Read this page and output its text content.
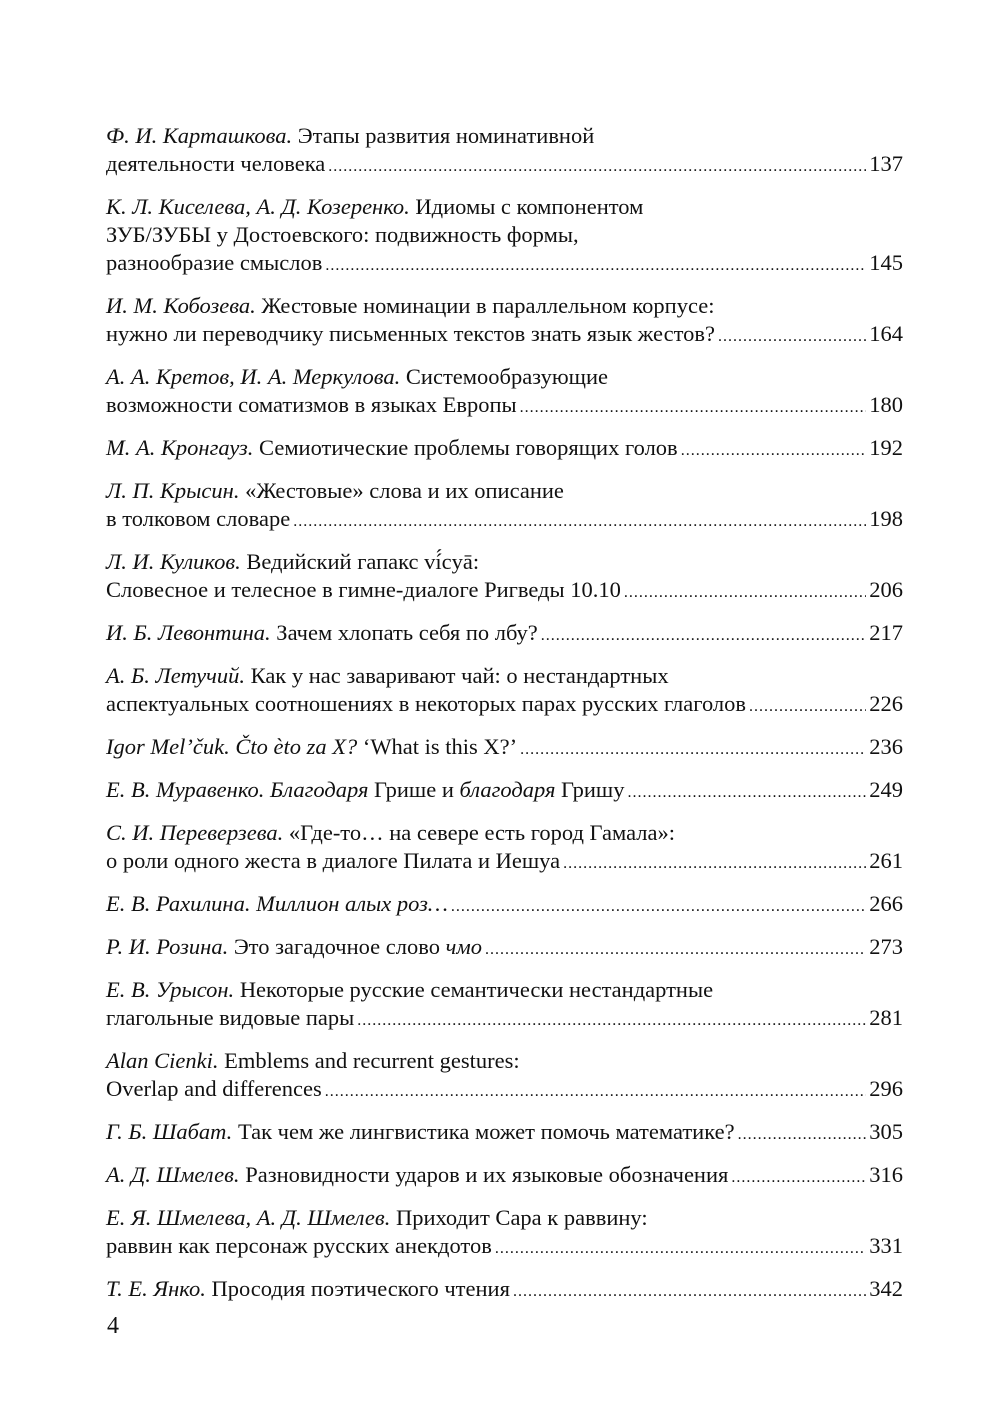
Ф. И. Карташкова. Этапы развития номинативной
деятельности человека .....	137
К. Л. Киселева, А. Д. Козеренко. Идиомы с компонентом
ЗУБ/ЗУБЫ у Достоевского: подвижность формы,
разнообразие смыслов .....	145
И. М. Кобозева. Жестовые номинации в параллельном корпусе:
нужно ли переводчику письменных текстов знать язык жестов? .....	164
А. А. Кретов, И. А. Меркулова. Системообразующие
возможности соматизмов в языках Европы .....	180
М. А. Кронгауз. Семиотические проблемы говорящих голов .....	192
Л. П. Крысин. «Жестовые» слова и их описание
в толковом словаре .....	198
Л. И. Куликов. Ведийский гапакс ví́cyā:
Словесное и телесное в гимне-диалоге Ригведы 10.10 .....	206
И. Б. Левонтина. Зачем хлопать себя по лбу? .....	217
А. Б. Летучий. Как у нас заваривают чай: о нестандартных
аспектуальных соотношениях в некоторых парах русских глаголов .....	226
Igor Mel’čuk. Čto èto za X? ‘What is this X?’ .....	236
Е. В. Муравенко. Благодаря Грише и благодаря Гришу .....	249
С. И. Переверзева. «Где-то… на севере есть город Гамала»:
о роли одного жеста в диалоге Пилата и Иешуа .....	261
Е. В. Рахилина. Миллион алых роз… .....	266
Р. И. Розина. Это загадочное слово чмо .....	273
Е. В. Урысон. Некоторые русские семантически нестандартные
глагольные видовые пары .....	281
Alan Cienki. Emblems and recurrent gestures:
Overlap and differences .....	296
Г. Б. Шабат. Так чем же лингвистика может помочь математике? .....	305
А. Д. Шмелев. Разновидности ударов и их языковые обозначения .....	316
Е. Я. Шмелева, А. Д. Шмелев. Приходит Сара к раввину:
раввин как персонаж русских анекдотов .....	331
Т. Е. Янко. Просодия поэтического чтения .....	342
4
